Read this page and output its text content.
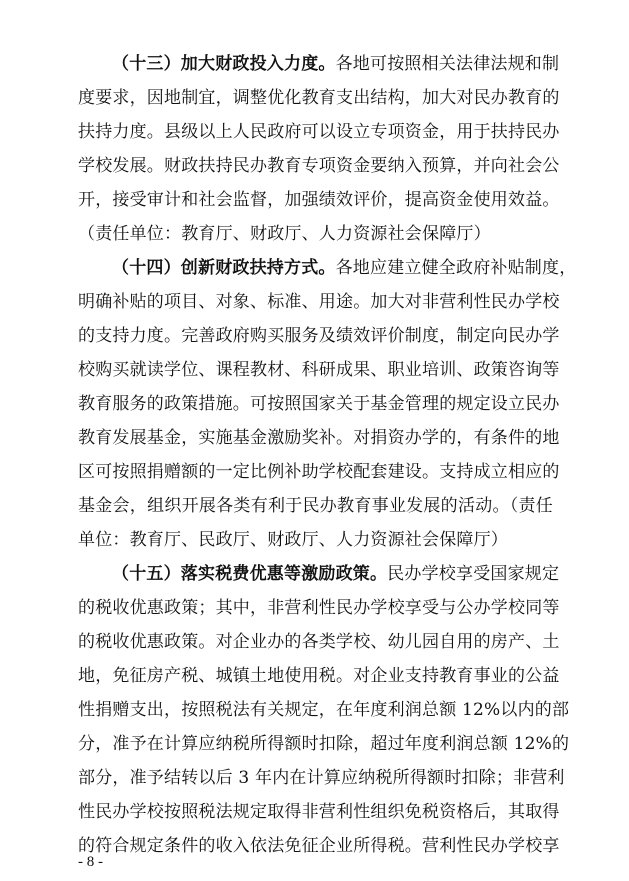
（十三）加大财政投入力度。各地可按照相关法律法规和制
度要求，因地制宜，调整优化教育支出结构，加大对民办教育的
扶持力度。县级以上人民政府可以设立专项资金，用于扶持民办
学校发展。财政扶持民办教育专项资金要纳入预算，并向社会公
开，接受审计和社会监督，加强绩效评价，提高资金使用效益。
（责任单位：教育厅、财政厅、人力资源社会保障厅）
（十四）创新财政扶持方式。各地应建立健全政府补贴制度，
明确补贴的项目、对象、标准、用途。加大对非营利性民办学校
的支持力度。完善政府购买服务及绩效评价制度，制定向民办学
校购买就读学位、课程教材、科研成果、职业培训、政策咨询等
教育服务的政策措施。可按照国家关于基金管理的规定设立民办
教育发展基金，实施基金激励奖补。对捐资办学的，有条件的地
区可按照捐赠额的一定比例补助学校配套建设。支持成立相应的
基金会，组织开展各类有利于民办教育事业发展的活动。（责任
单位：教育厅、民政厅、财政厅、人力资源社会保障厅）
（十五）落实税费优惠等激励政策。民办学校享受国家规定
的税收优惠政策；其中，非营利性民办学校享受与公办学校同等
的税收优惠政策。对企业办的各类学校、幼儿园自用的房产、土
地，免征房产税、城镇土地使用税。对企业支持教育事业的公益
性捐赠支出，按照税法有关规定，在年度利润总额 12%以内的部
分，准予在计算应纳税所得额时扣除，超过年度利润总额 12%的
部分，准予结转以后 3 年内在计算应纳税所得额时扣除；非营利
性民办学校按照税法规定取得非营利性组织免税资格后，其取得
的符合规定条件的收入依法免征企业所得税。营利性民办学校享
- 8 -
